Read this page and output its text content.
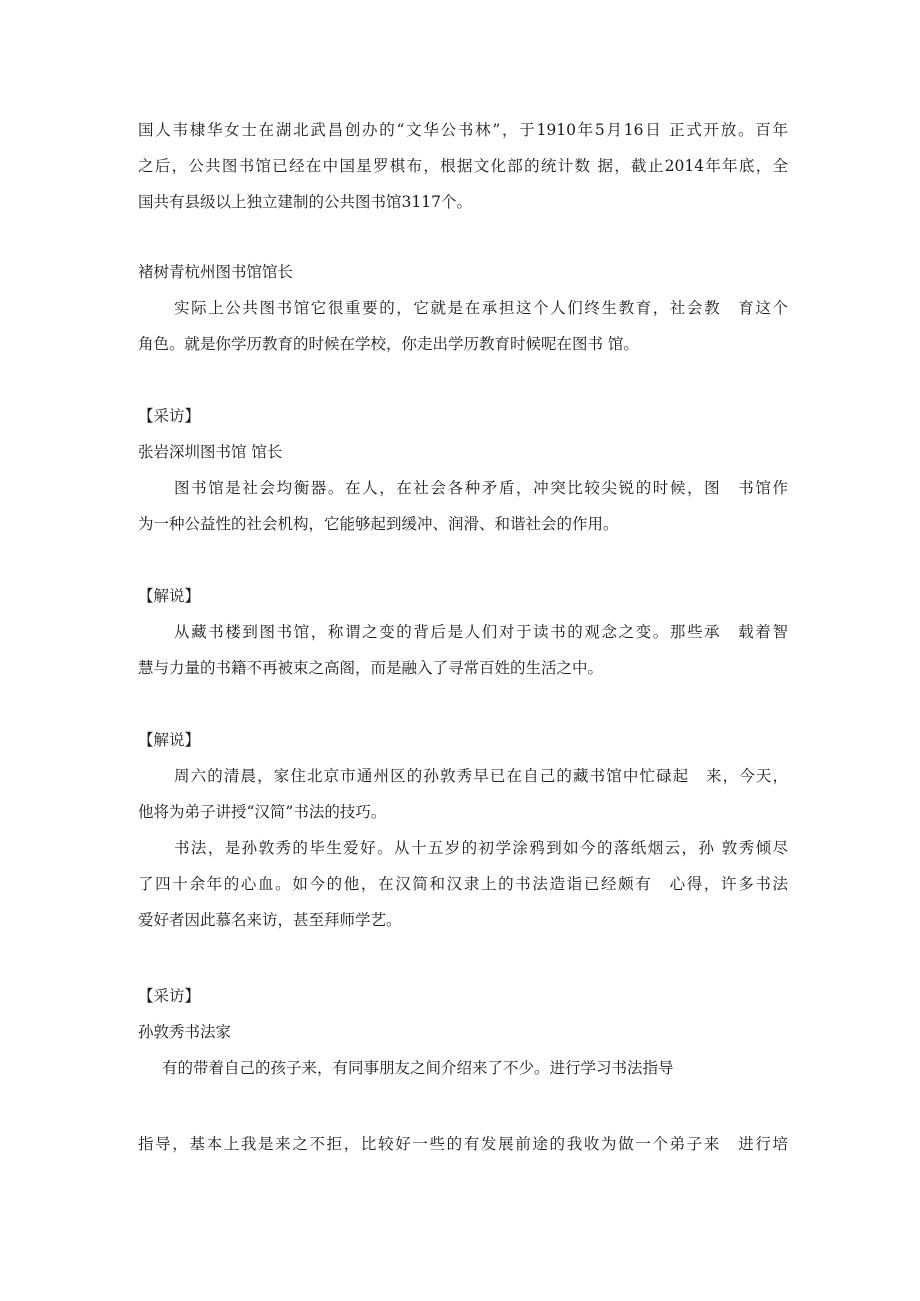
国人韦棣华女士在湖北武昌创办的“文华公书林”，于1910年5月16日 正式开放。百年
之后，公共图书馆已经在中国星罗棋布，根据文化部的统计数 据，截止2014年年底，全
国共有县级以上独立建制的公共图书馆3117个。
褚树青杭州图书馆馆长
实际上公共图书馆它很重要的，它就是在承担这个人们终生教育，社会教　育这个
角色。就是你学历教育的时候在学校，你走出学历教育时候呢在图书 馆。
【采访】
张岩深圳图书馆 馆长
图书馆是社会均衡器。在人，在社会各种矛盾，冲突比较尖锐的时候，图　书馆作
为一种公益性的社会机构，它能够起到缓冲、润滑、和谐社会的作用。
【解说】
从藏书楼到图书馆，称谓之变的背后是人们对于读书的观念之变。那些承　载着智
慧与力量的书籍不再被束之高阁，而是融入了寻常百姓的生活之中。
【解说】
周六的清晨，家住北京市通州区的孙敦秀早已在自己的藏书馆中忙碌起　来，今天，
他将为弟子讲授“汉简”书法的技巧。
书法，是孙敦秀的毕生爱好。从十五岁的初学涂鸦到如今的落纸烟云，孙 敦秀倾尽
了四十余年的心血。如今的他，在汉简和汉隶上的书法造诣已经颇有　心得，许多书法
爱好者因此慕名来访，甚至拜师学艺。
【采访】
孙敦秀书法家
有的带着自己的孩子来，有同事朋友之间介绍来了不少。进行学习书法指导
指导，基本上我是来之不拒，比较好一些的有发展前途的我收为做一个弟子来　进行培
